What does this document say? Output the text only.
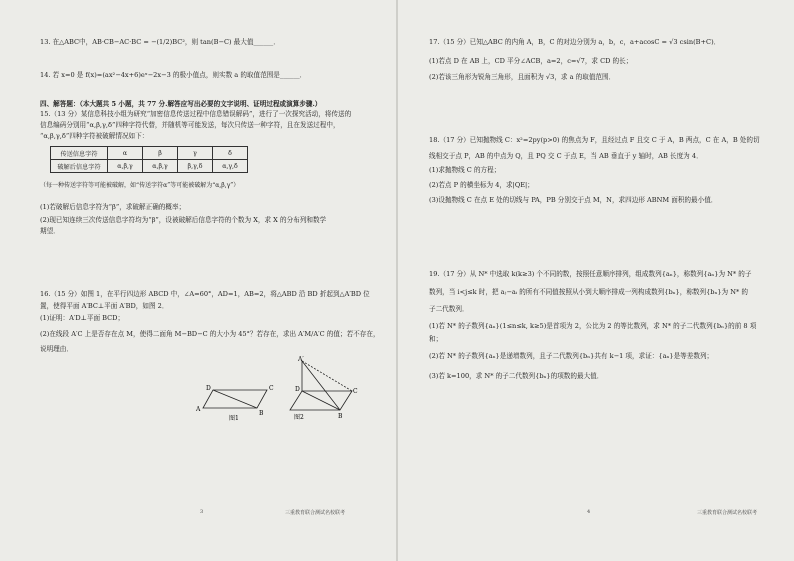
13. 在△ABC中，AB·CB−AC·BC = −(1/2)BC²，则 tan(B−C) 最大值______．
14. 若 x=0 是 f(x)=(ax²−4x+6)eˣ−2x−3 的极小值点，则实数 a 的取值范围是______．
四、解答题：（本大题共 5 小题，共 77 分.解答应写出必要的文字说明、证明过程或演算步骤.）
15.（13 分）某信息科技小组为研究“加密信息传送过程中信息错误解码”，进行了一次探究活动，将传送的
信息编码分别用“α,β,γ,δ”四种字符代替，并随机等可能发送，每次只传送一种字符，且在发送过程中，
“α,β,γ,δ”四种字符被破解情况如下：
传送信息字符	α	β	γ	δ
破解后信息字符	α,β,γ	α,β,γ	β,γ,δ	α,γ,δ
（每一种传送字符等可能被破解，如“传送字符α”等可能被破解为“α,β,γ”）
(1)若破解后信息字符为“β”，求破解正确的概率；
(2)现已知连续三次传送信息字符均为“β”，设被破解后信息字符的个数为 X，求 X 的分布列和数学
期望．
16.（15 分）如图 1，在平行四边形 ABCD 中，∠A=60°，AD=1，AB=2，将△ABD 沿 BD 折起到△A′BD 位
置，使得平面 A′BC⊥平面 A′BD，如图 2．
(1)证明：A′D⊥平面 BCD；
(2)在线段 A′C 上是否存在点 M，使得二面角 M−BD−C 的大小为 45°？若存在，求出 A′M/A′C 的值；若不存在，
说明理由．
D	C
A
B
图1
A′
D	C
B
图2
3	三重教育联合测试名校联考
17.（15 分）已知△ABC 的内角 A，B，C 的对边分别为 a，b，c，a+acosC = √3 csin(B+C)．
(1)若点 D 在 AB 上，CD 平分∠ACB，a=2，c=√7，求 CD 的长；
(2)若该三角形为锐角三角形，且面积为 √3，求 a 的取值范围．
18.（17 分）已知抛物线 C：x²=2py(p>0) 的焦点为 F，且经过点 F 且交 C 于 A，B 两点，C 在 A，B 处的切
线相交于点 P，AB 的中点为 Q，且 PQ 交 C 于点 E，当 AB 垂直于 y 轴时，AB 长度为 4．
(1)求抛物线 C 的方程；
(2)若点 P 的横坐标为 4，求|QE|；
(3)设抛物线 C 在点 E 处的切线与 PA，PB 分别交于点 M，N，求四边形 ABNM 面积的最小值．
19.（17 分）从 N* 中选取 k(k≥3) 个不同的数，按照任意顺序排列，组成数列{aₙ}，称数列{aₙ}为 N* 的子
数列，当 i<j≤k 时，把 aⱼ−aᵢ 的所有不同值按照从小到大顺序排成一列构成数列{bₙ}，称数列{bₙ}为 N* 的
子二代数列．
(1)若 N* 的子数列{aₙ}(1≤n≤k, k≥5)是首项为 2，公比为 2 的等比数列，求 N* 的子二代数列{bₙ}的前 8 项
和；
(2)若 N* 的子数列{aₙ}是递增数列，且子二代数列{bₙ}共有 k−1 项，求证：{aₙ}是等差数列；
(3)若 k=100，求 N* 的子二代数列{bₙ}的项数的最大值．
4	三重教育联合测试名校联考
